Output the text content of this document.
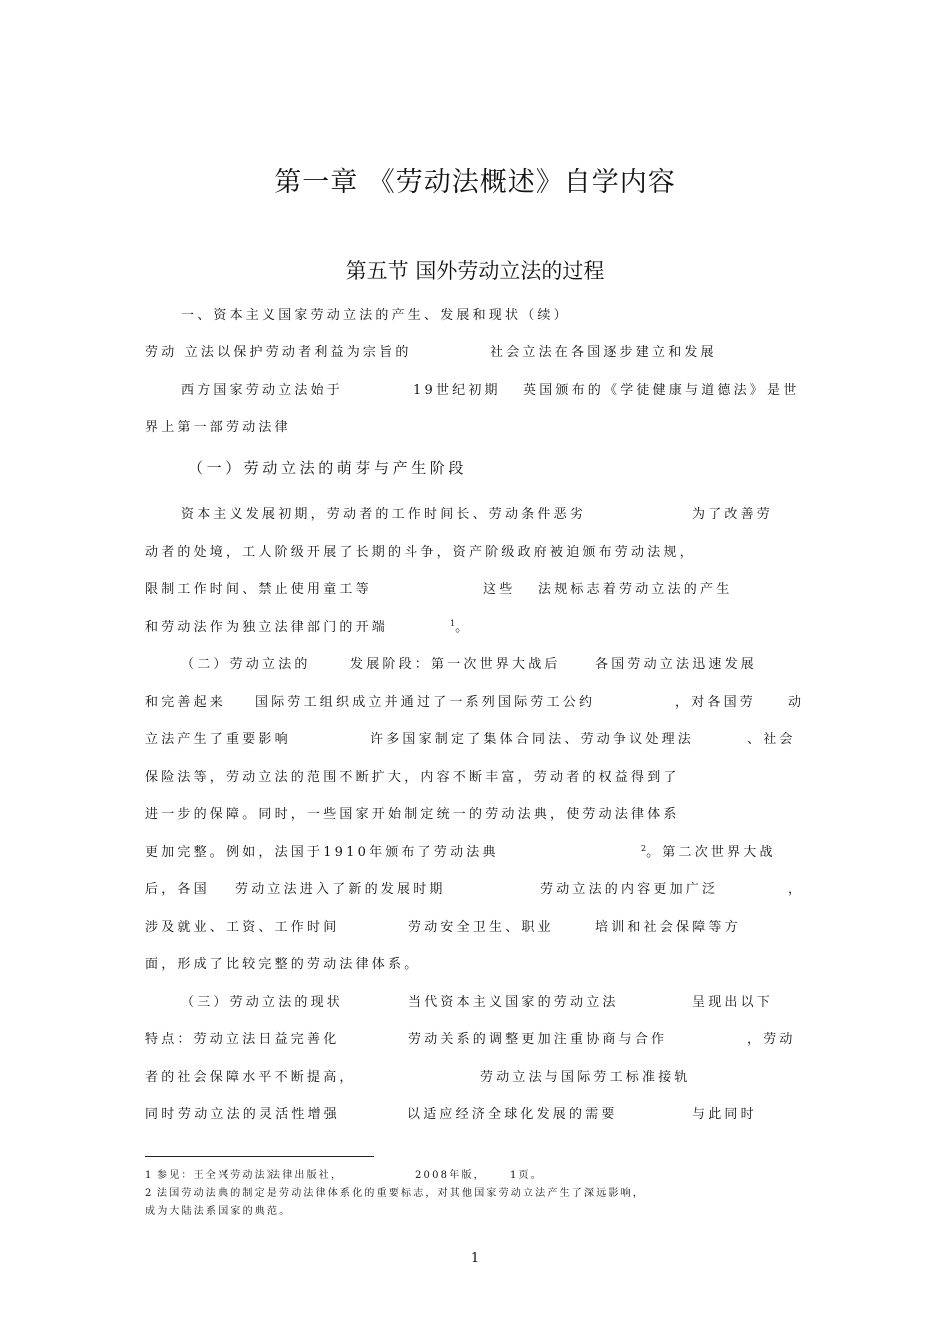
第一章 《劳动法概述》自学内容
第五节 国外劳动立法的过程
一、资本主义国家劳动立法的产生、发展和现状（续）
劳动 立法以保护劳动者利益为宗旨的	社会立法在各国逐步建立和发展
西方国家劳动立法始于	19世纪初期 英国颁布的《学徒健康与道德法》 是世
界上第一部劳动法律
（一）劳动立法的萌芽与产生阶段
资本主义发展初期，劳动者的工作时间长、劳动条件恶劣	为了改善劳
动者的处境，工人阶级开展了长期的斗争，资产阶级政府被迫颁布劳动法规，
限制工作时间、禁止使用童工等	这些 法规标志着劳动立法的产生
和劳动法作为独立法律部门的开端	$^1$。
（二）劳动立法的	发展阶段：第一次世界大战后	各国劳动立法迅速发展
和完善起来 国际劳工组织成立并通过了一系列国际劳工公约	，对各国劳 动
立法产生了重要影响	许多国家制定了集体合同法、劳动争议处理法	、社会
保险法等，劳动立法的范围不断扩大，内容不断丰富，劳动者的权益得到了
进一步的保障。同时，一些国家开始制定统一的劳动法典，使劳动法律体系
更加完整。例如，法国于1910年颁布了劳动法典	$^2$。第二次世界大战
后，各国 劳动立法进入了新的发展时期	劳动立法的内容更加广泛	，
涉及就业、工资、工作时间	劳动安全卫生、职业	培训和社会保障等方
面，形成了比较完整的劳动法律体系。
（三）劳动立法的现状	当代资本主义国家的劳动立法	呈现出以下
特点：劳动立法日益完善化	劳动关系的调整更加注重协商与合作	，劳动
者的社会保障水平不断提高，	劳动立法与国际劳工标准接轨
同时 劳动立法的灵活性增强	以适应经济全球化发展的需要	与此同时
1 参见：王全兴
《劳动法》
法律出版社，	2008年版， 1页。
2 法国劳动法典的制定是劳动法律体系化的重要标志，对其他国家劳动立法产生了深远影响，
成为大陆法系国家的典范。
1
